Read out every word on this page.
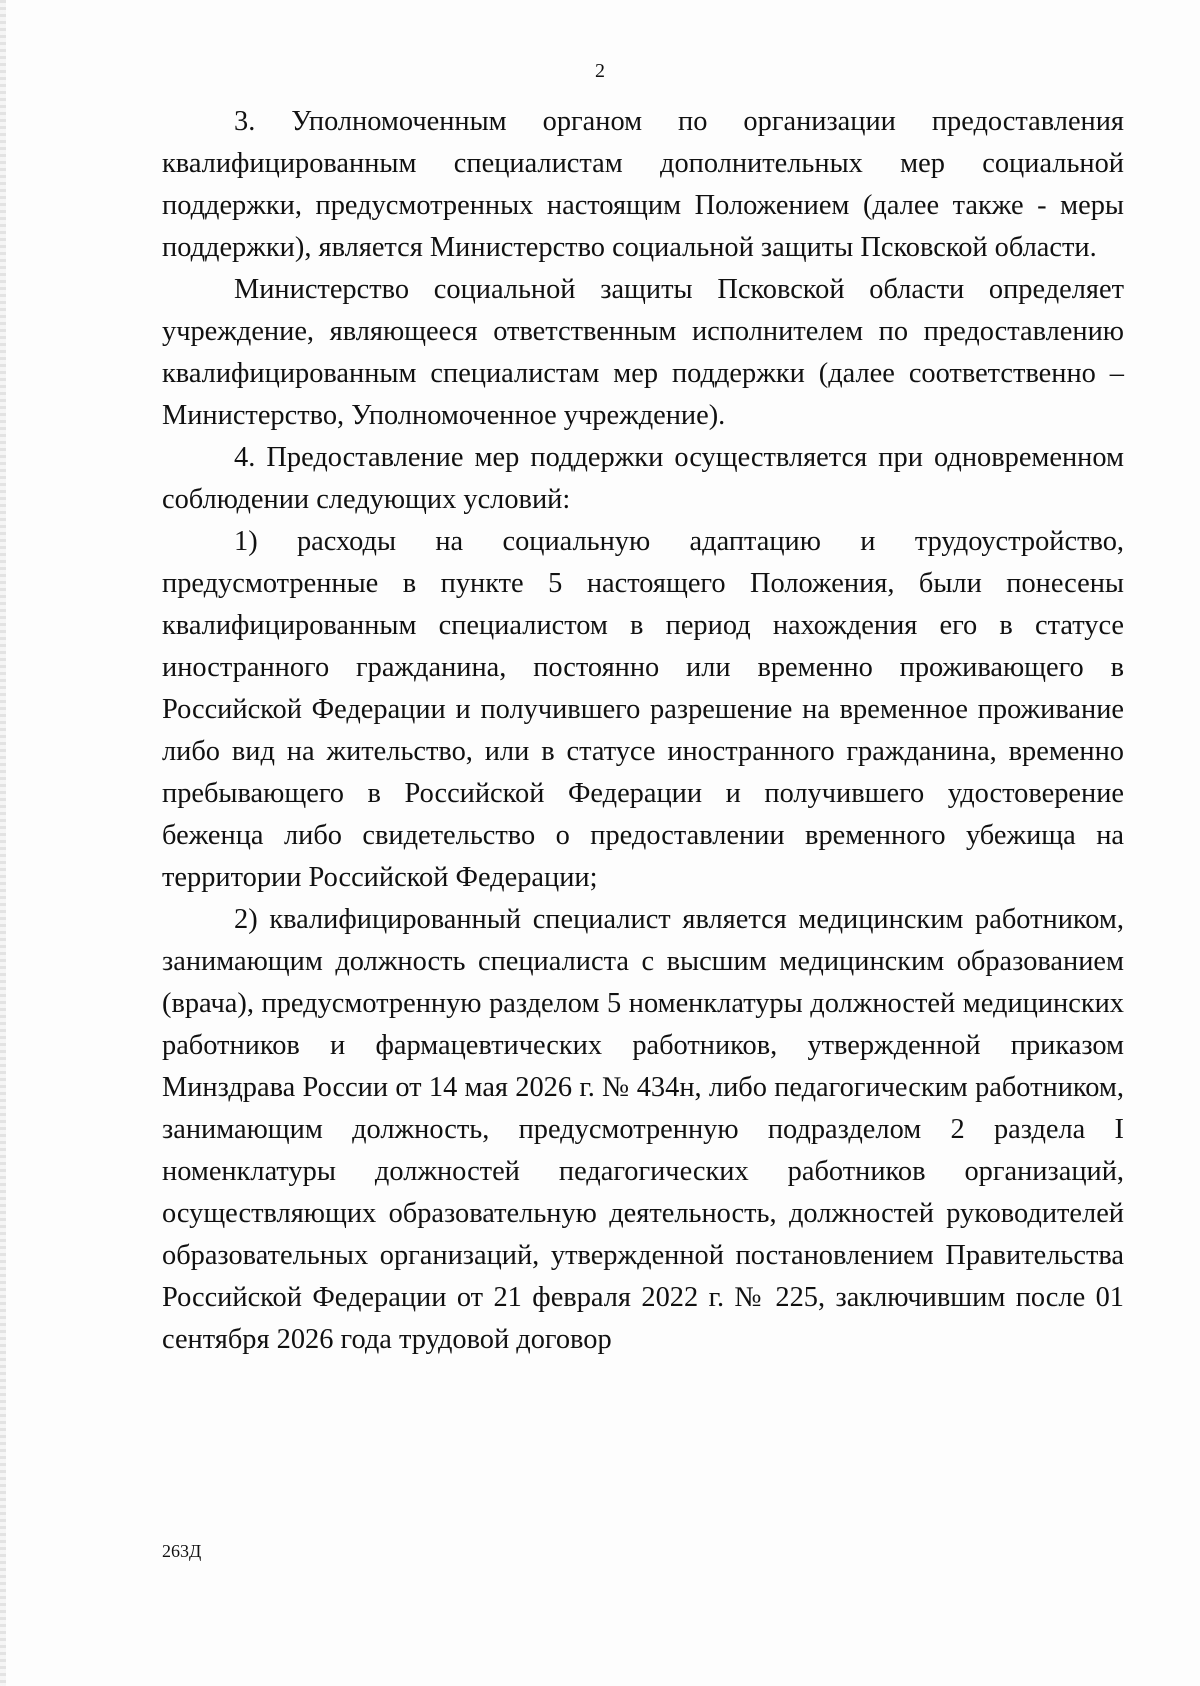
2

3. Уполномоченным органом по организации предоставления квалифицированным специалистам дополнительных мер социальной поддержки, предусмотренных настоящим Положением (далее также - меры поддержки), является Министерство социальной защиты Псковской области.

Министерство социальной защиты Псковской области определяет учреждение, являющееся ответственным исполнителем по предоставлению квалифицированным специалистам мер поддержки (далее соответственно – Министерство, Уполномоченное учреждение).

4. Предоставление мер поддержки осуществляется при одновременном соблюдении следующих условий:

1) расходы на социальную адаптацию и трудоустройство, предусмотренные в пункте 5 настоящего Положения, были понесены квалифицированным специалистом в период нахождения его в статусе иностранного гражданина, постоянно или временно проживающего в Российской Федерации и получившего разрешение на временное проживание либо вид на жительство, или в статусе иностранного гражданина, временно пребывающего в Российской Федерации и получившего удостоверение беженца либо свидетельство о предоставлении временного убежища на территории Российской Федерации;

2) квалифицированный специалист является медицинским работником, занимающим должность специалиста с высшим медицинским образованием (врача), предусмотренную разделом 5 номенклатуры должностей медицинских работников и фармацевтических работников, утвержденной приказом Минздрава России от 14 мая 2026 г. № 434н, либо педагогическим работником, занимающим должность, предусмотренную подразделом 2 раздела I номенклатуры должностей педагогических работников организаций, осуществляющих образовательную деятельность, должностей руководителей образовательных организаций, утвержденной постановлением Правительства Российской Федерации от 21 февраля 2022 г. № 225, заключившим после 01 сентября 2026 года трудовой договор

263Д
